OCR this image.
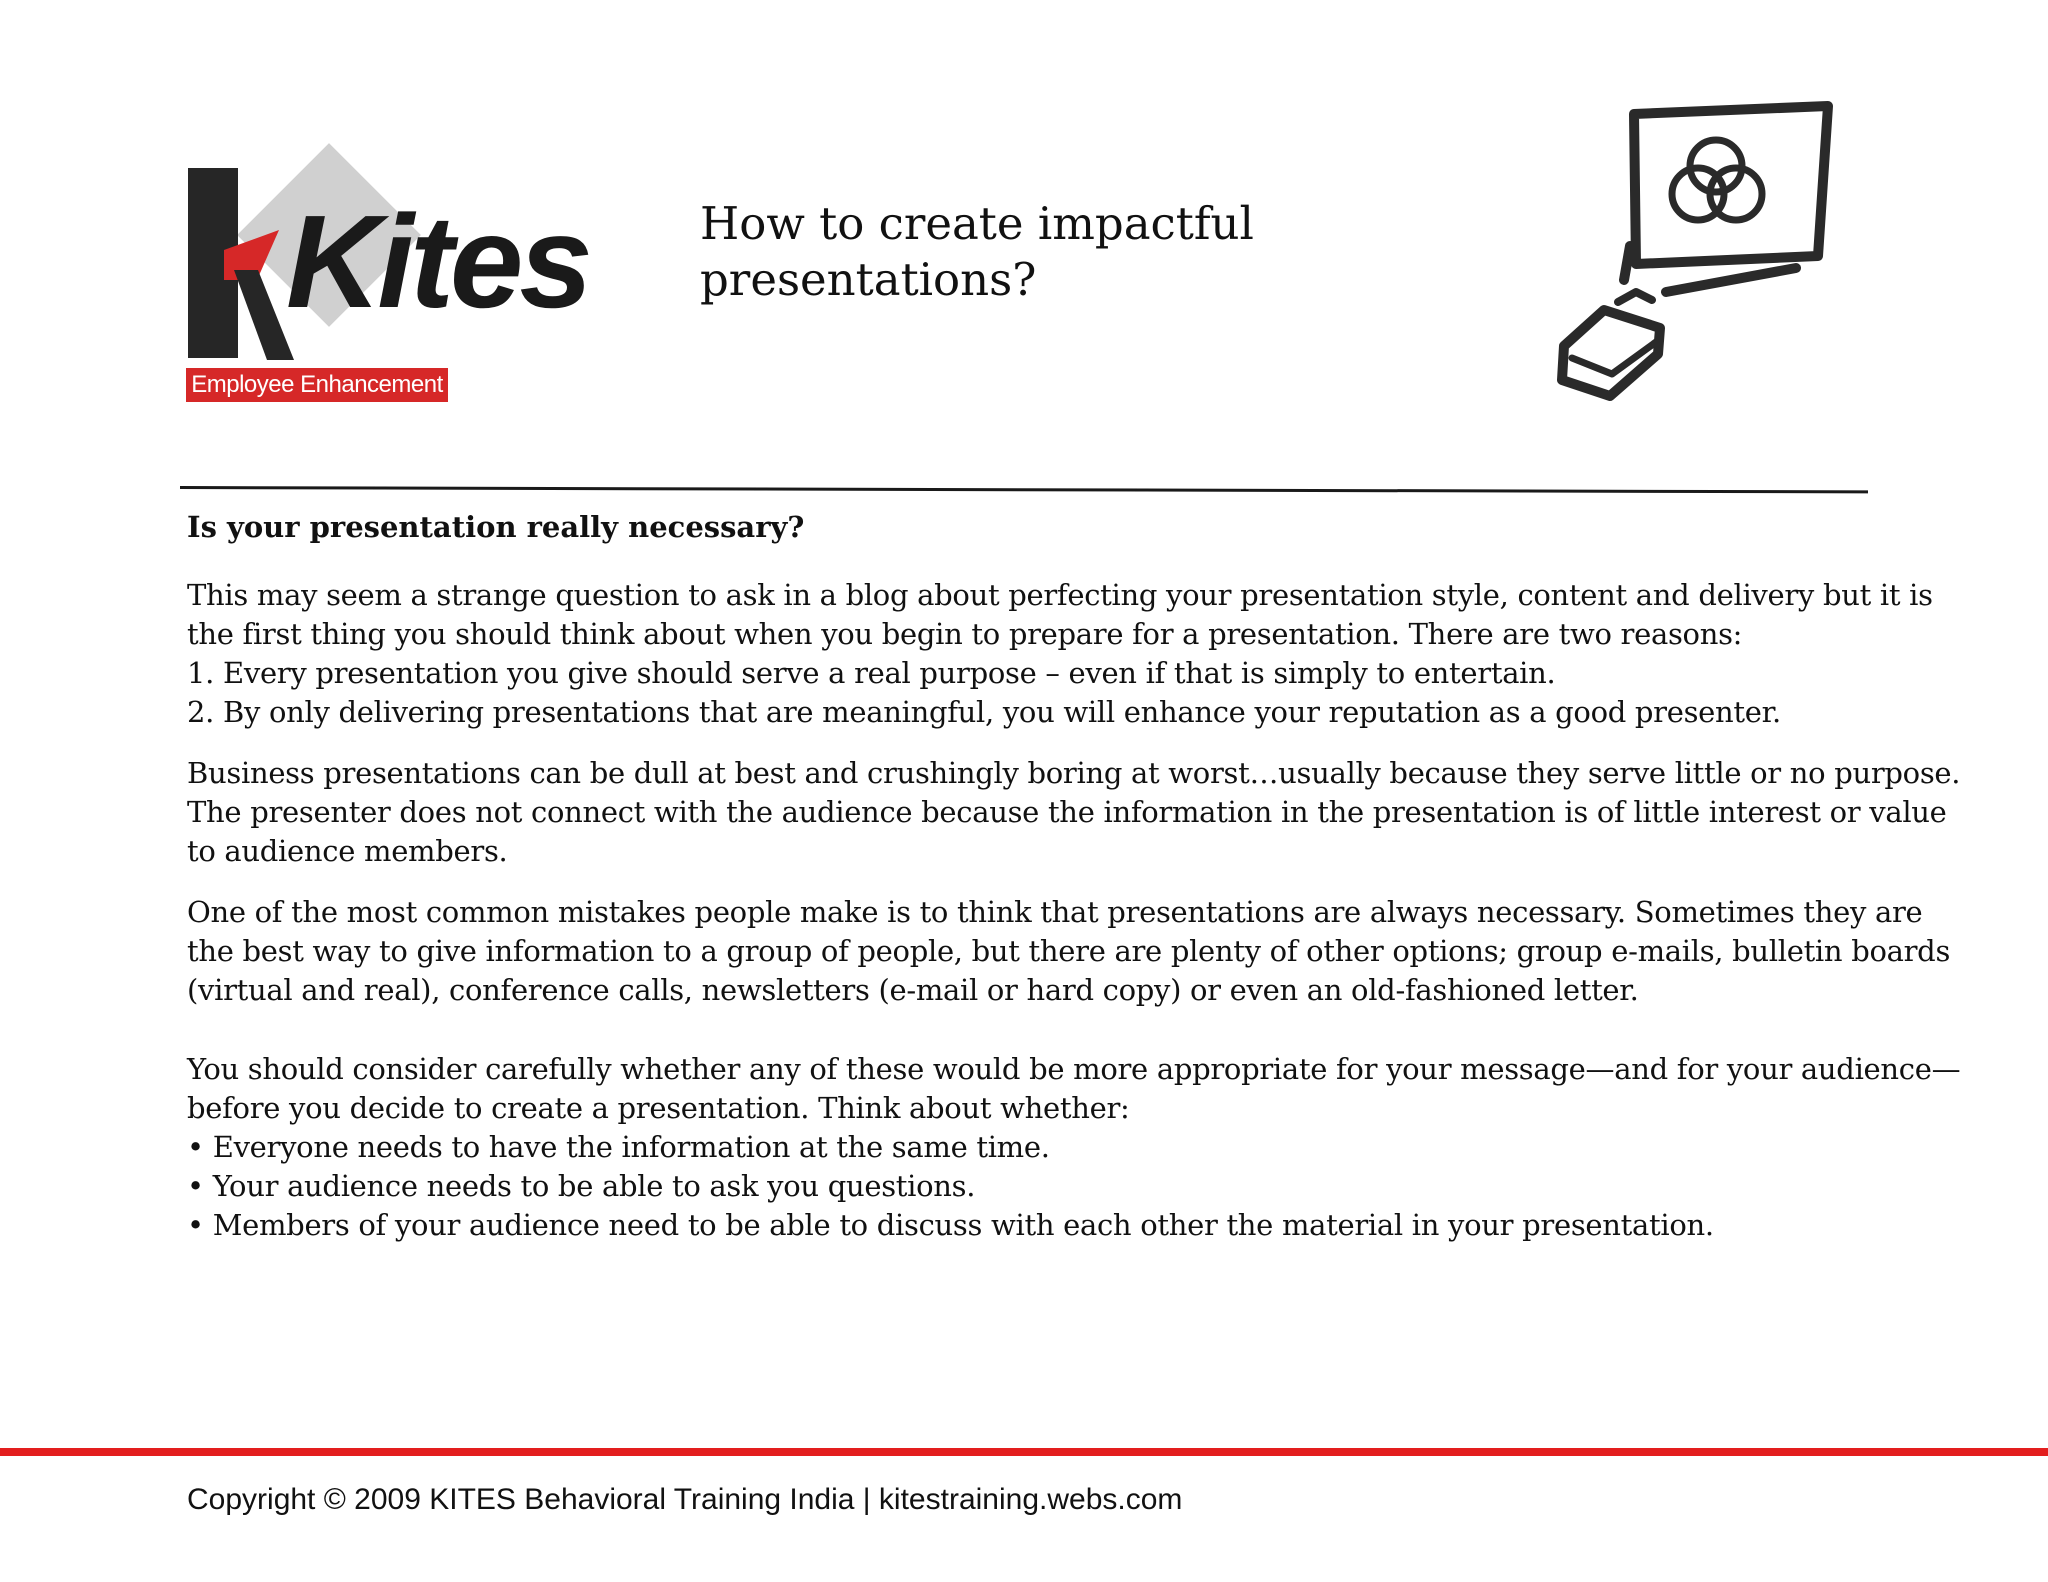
Kites
Employee Enhancement
How to create impactful presentations?
Is your presentation really necessary?

This may seem a strange question to ask in a blog about perfecting your presentation style, content and delivery but it is
the first thing you should think about when you begin to prepare for a presentation. There are two reasons:
1. Every presentation you give should serve a real purpose – even if that is simply to entertain.
2. By only delivering presentations that are meaningful, you will enhance your reputation as a good presenter.

Business presentations can be dull at best and crushingly boring at worst…usually because they serve little or no purpose.
The presenter does not connect with the audience because the information in the presentation is of little interest or value
to audience members.

One of the most common mistakes people make is to think that presentations are always necessary. Sometimes they are
the best way to give information to a group of people, but there are plenty of other options; group e-mails, bulletin boards
(virtual and real), conference calls, newsletters (e-mail or hard copy) or even an old-fashioned letter.

You should consider carefully whether any of these would be more appropriate for your message—and for your audience—
before you decide to create a presentation. Think about whether:
• Everyone needs to have the information at the same time.
• Your audience needs to be able to ask you questions.
• Members of your audience need to be able to discuss with each other the material in your presentation.

Copyright © 2009 KITES Behavioral Training India | kitestraining.webs.com
